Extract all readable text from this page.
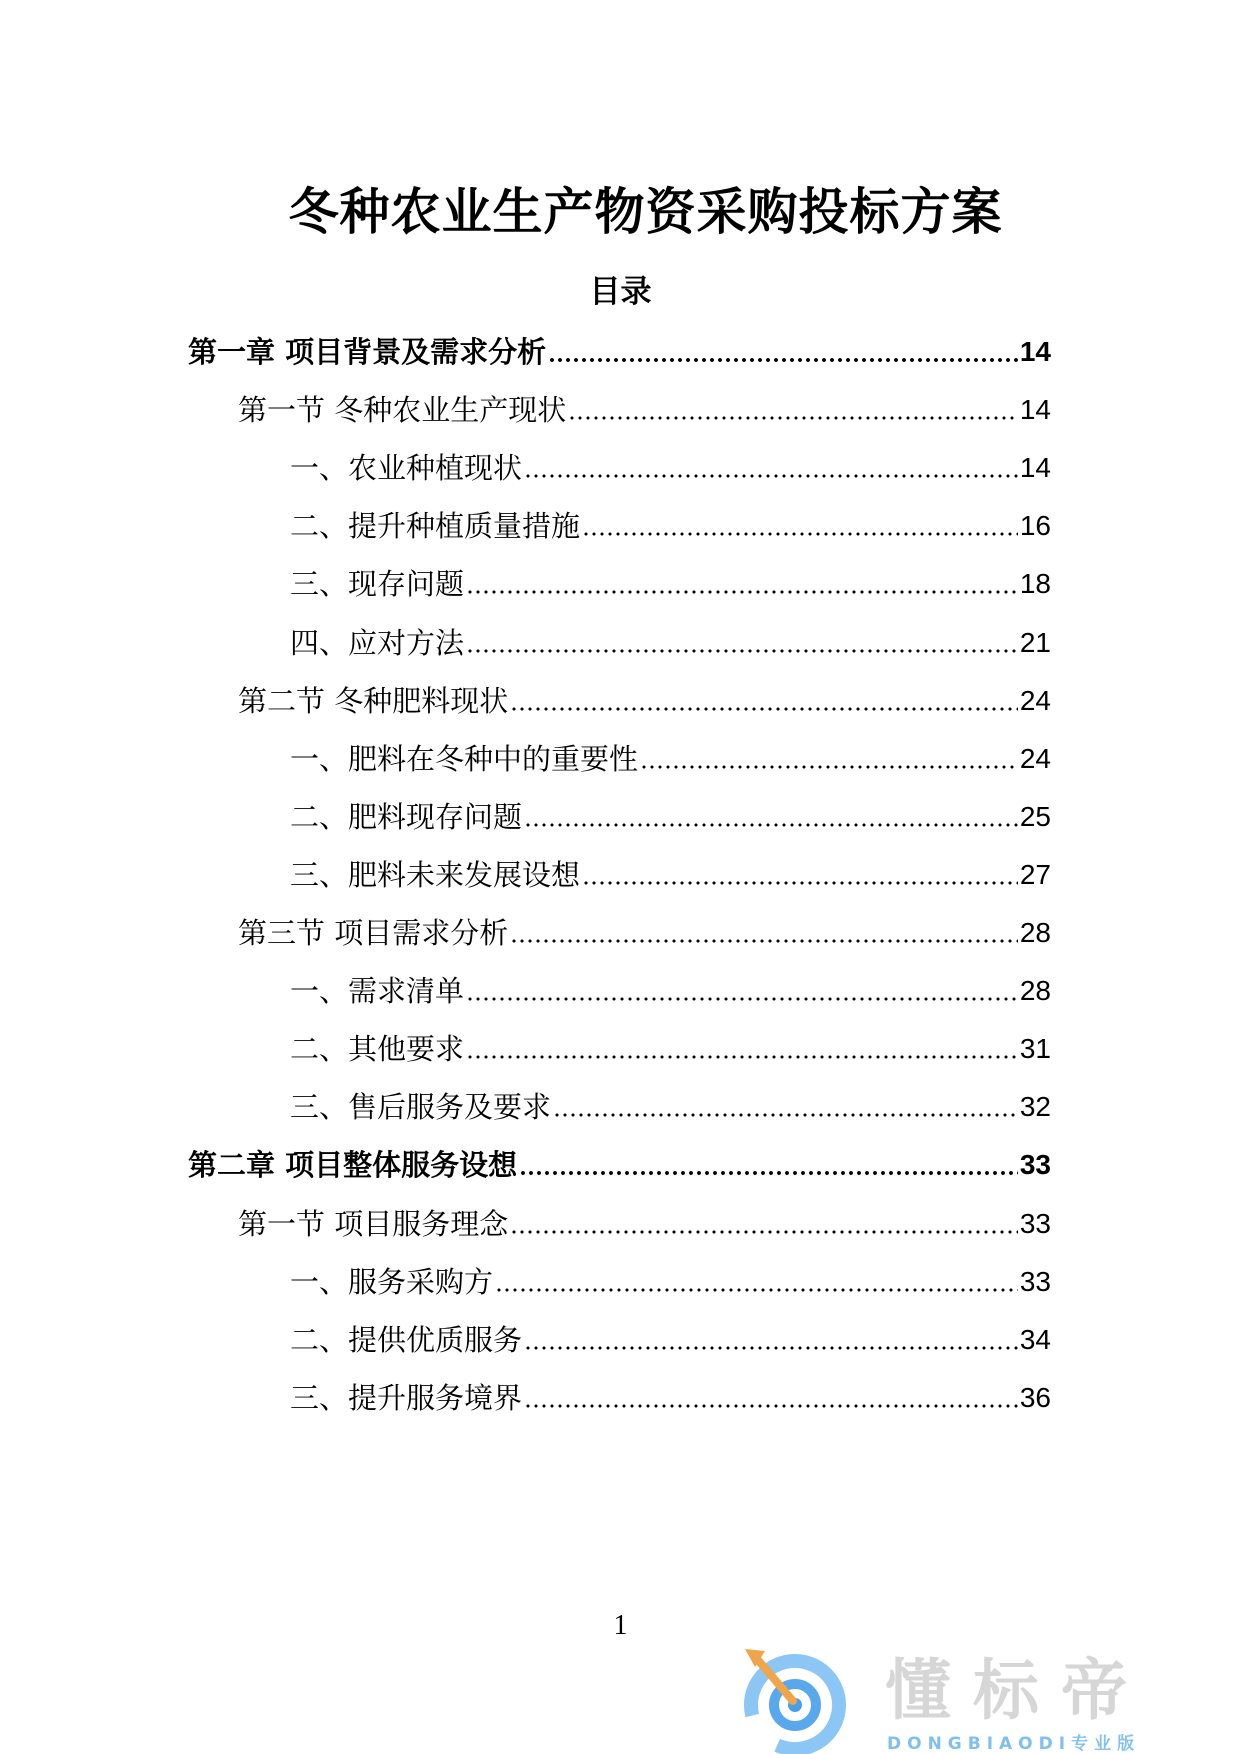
冬种农业生产物资采购投标方案
目录
第一章 项目背景及需求分析	14
第一节 冬种农业生产现状	14
一、农业种植现状	14
二、提升种植质量措施	16
三、现存问题	18
四、应对方法	21
第二节 冬种肥料现状	24
一、肥料在冬种中的重要性	24
二、肥料现存问题	25
三、肥料未来发展设想	27
第三节 项目需求分析	28
一、需求清单	28
二、其他要求	31
三、售后服务及要求	32
第二章 项目整体服务设想	33
第一节 项目服务理念	33
一、服务采购方	33
二、提供优质服务	34
三、提升服务境界	36
1
懂标帝
DONGBIAODI专业版
